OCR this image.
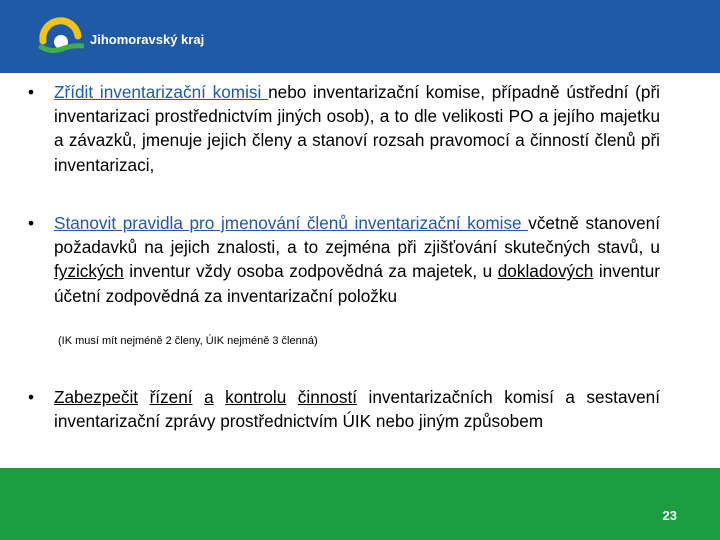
Jihomoravský kraj
• Zřídit inventarizační komisi nebo inventarizační komise, případně ústřední (při inventarizaci prostřednictvím jiných osob), a to dle velikosti PO a jejího majetku a závazků, jmenuje jejich členy a stanoví rozsah pravomocí a činností členů při inventarizaci,
• Stanovit pravidla pro jmenování členů inventarizační komise včetně stanovení požadavků na jejich znalosti, a to zejména při zjišťování skutečných stavů, u fyzických inventur vždy osoba zodpovědná za majetek, u dokladových inventur účetní zodpovědná za inventarizační položku
(IK musí mít nejméně 2 členy, ÚIK nejméně 3 členná)
• Zabezpečit řízení a kontrolu činností inventarizačních komisí a sestavení inventarizační zprávy prostřednictvím ÚIK nebo jiným způsobem
23
